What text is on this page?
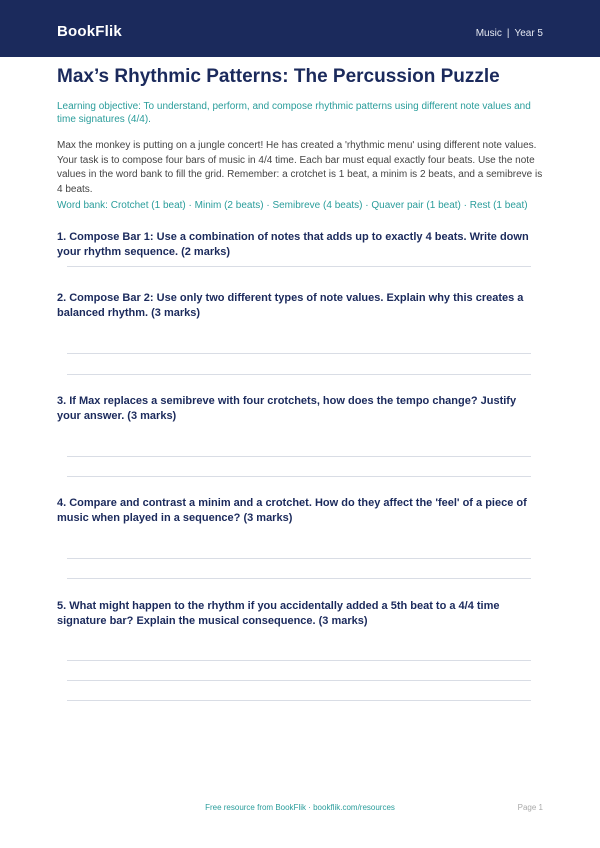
BookFlik	Music | Year 5
Max’s Rhythmic Patterns: The Percussion Puzzle
Learning objective: To understand, perform, and compose rhythmic patterns using different note values and time signatures (4/4).
Max the monkey is putting on a jungle concert! He has created a 'rhythmic menu' using different note values. Your task is to compose four bars of music in 4/4 time. Each bar must equal exactly four beats. Use the note values in the word bank to fill the grid. Remember: a crotchet is 1 beat, a minim is 2 beats, and a semibreve is 4 beats.
Word bank: Crotchet (1 beat) · Minim (2 beats) · Semibreve (4 beats) · Quaver pair (1 beat) · Rest (1 beat)
1. Compose Bar 1: Use a combination of notes that adds up to exactly 4 beats. Write down your rhythm sequence. (2 marks)
2. Compose Bar 2: Use only two different types of note values. Explain why this creates a balanced rhythm. (3 marks)
3. If Max replaces a semibreve with four crotchets, how does the tempo change? Justify your answer. (3 marks)
4. Compare and contrast a minim and a crotchet. How do they affect the 'feel' of a piece of music when played in a sequence? (3 marks)
5. What might happen to the rhythm if you accidentally added a 5th beat to a 4/4 time signature bar? Explain the musical consequence. (3 marks)
Free resource from BookFlik · bookflik.com/resources	Page 1
